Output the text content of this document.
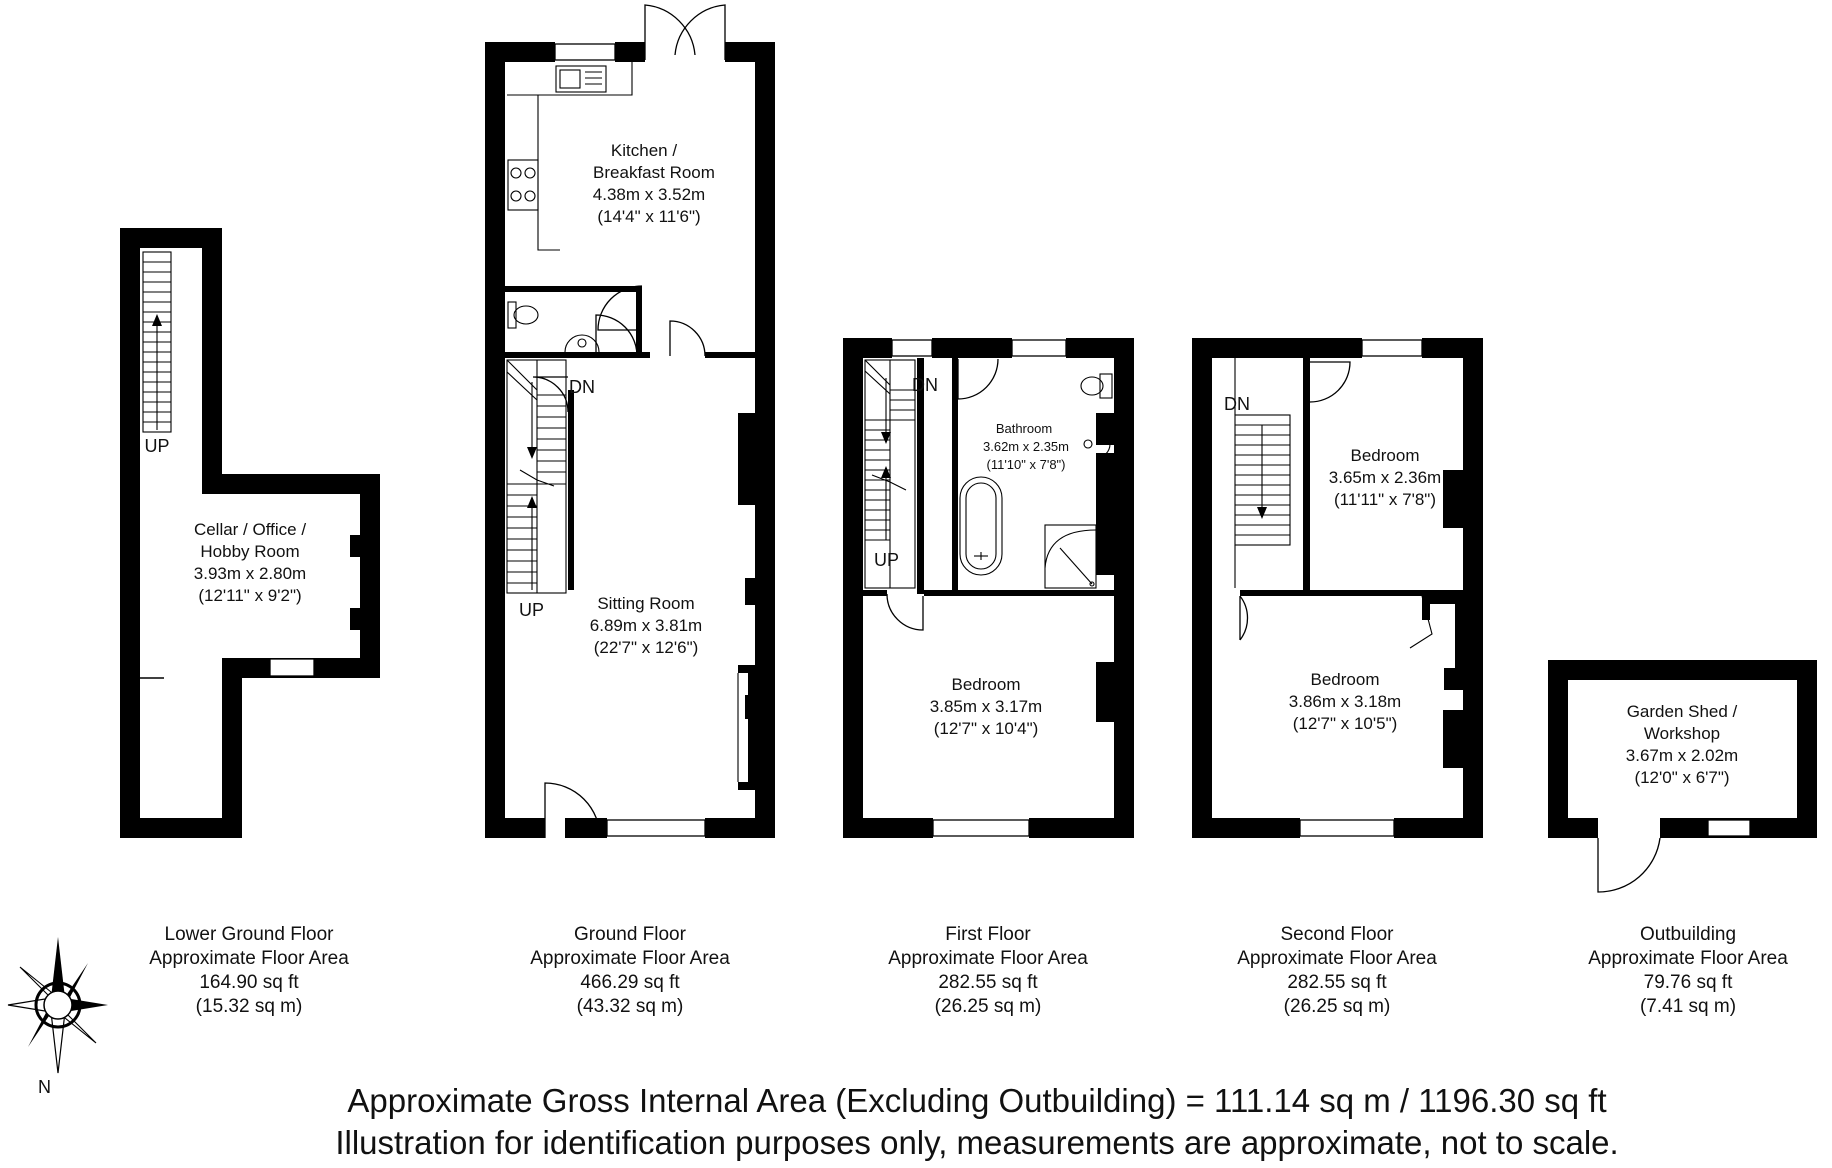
UP
Cellar / Office /
Hobby Room
3.93m x 2.80m
(12'11" x 9'2")
DN
UP
Kitchen /
Breakfast Room
4.38m x 3.52m
(14'4" x 11'6")
Sitting Room
6.89m x 3.81m
(22'7" x 12'6")
DN
UP
Bathroom
3.62m x 2.35m
(11'10" x 7'8")
Bedroom
3.85m x 3.17m
(12'7" x 10'4")
DN
Bedroom
3.65m x 2.36m
(11'11" x 7'8")
Bedroom
3.86m x 3.18m
(12'7" x 10'5")
Garden Shed /
Workshop
3.67m x 2.02m
(12'0" x 6'7")
Lower Ground Floor
Approximate Floor Area
164.90 sq ft
(15.32 sq m)
Ground Floor
Approximate Floor Area
466.29 sq ft
(43.32 sq m)
First Floor
Approximate Floor Area
282.55 sq ft
(26.25 sq m)
Second Floor
Approximate Floor Area
282.55 sq ft
(26.25 sq m)
Outbuilding
Approximate Floor Area
79.76 sq ft
(7.41 sq m)
N	Approximate Gross Internal Area (Excluding Outbuilding) = 111.14 sq m / 1196.30 sq ft
Illustration for identification purposes only, measurements are approximate, not to scale.
